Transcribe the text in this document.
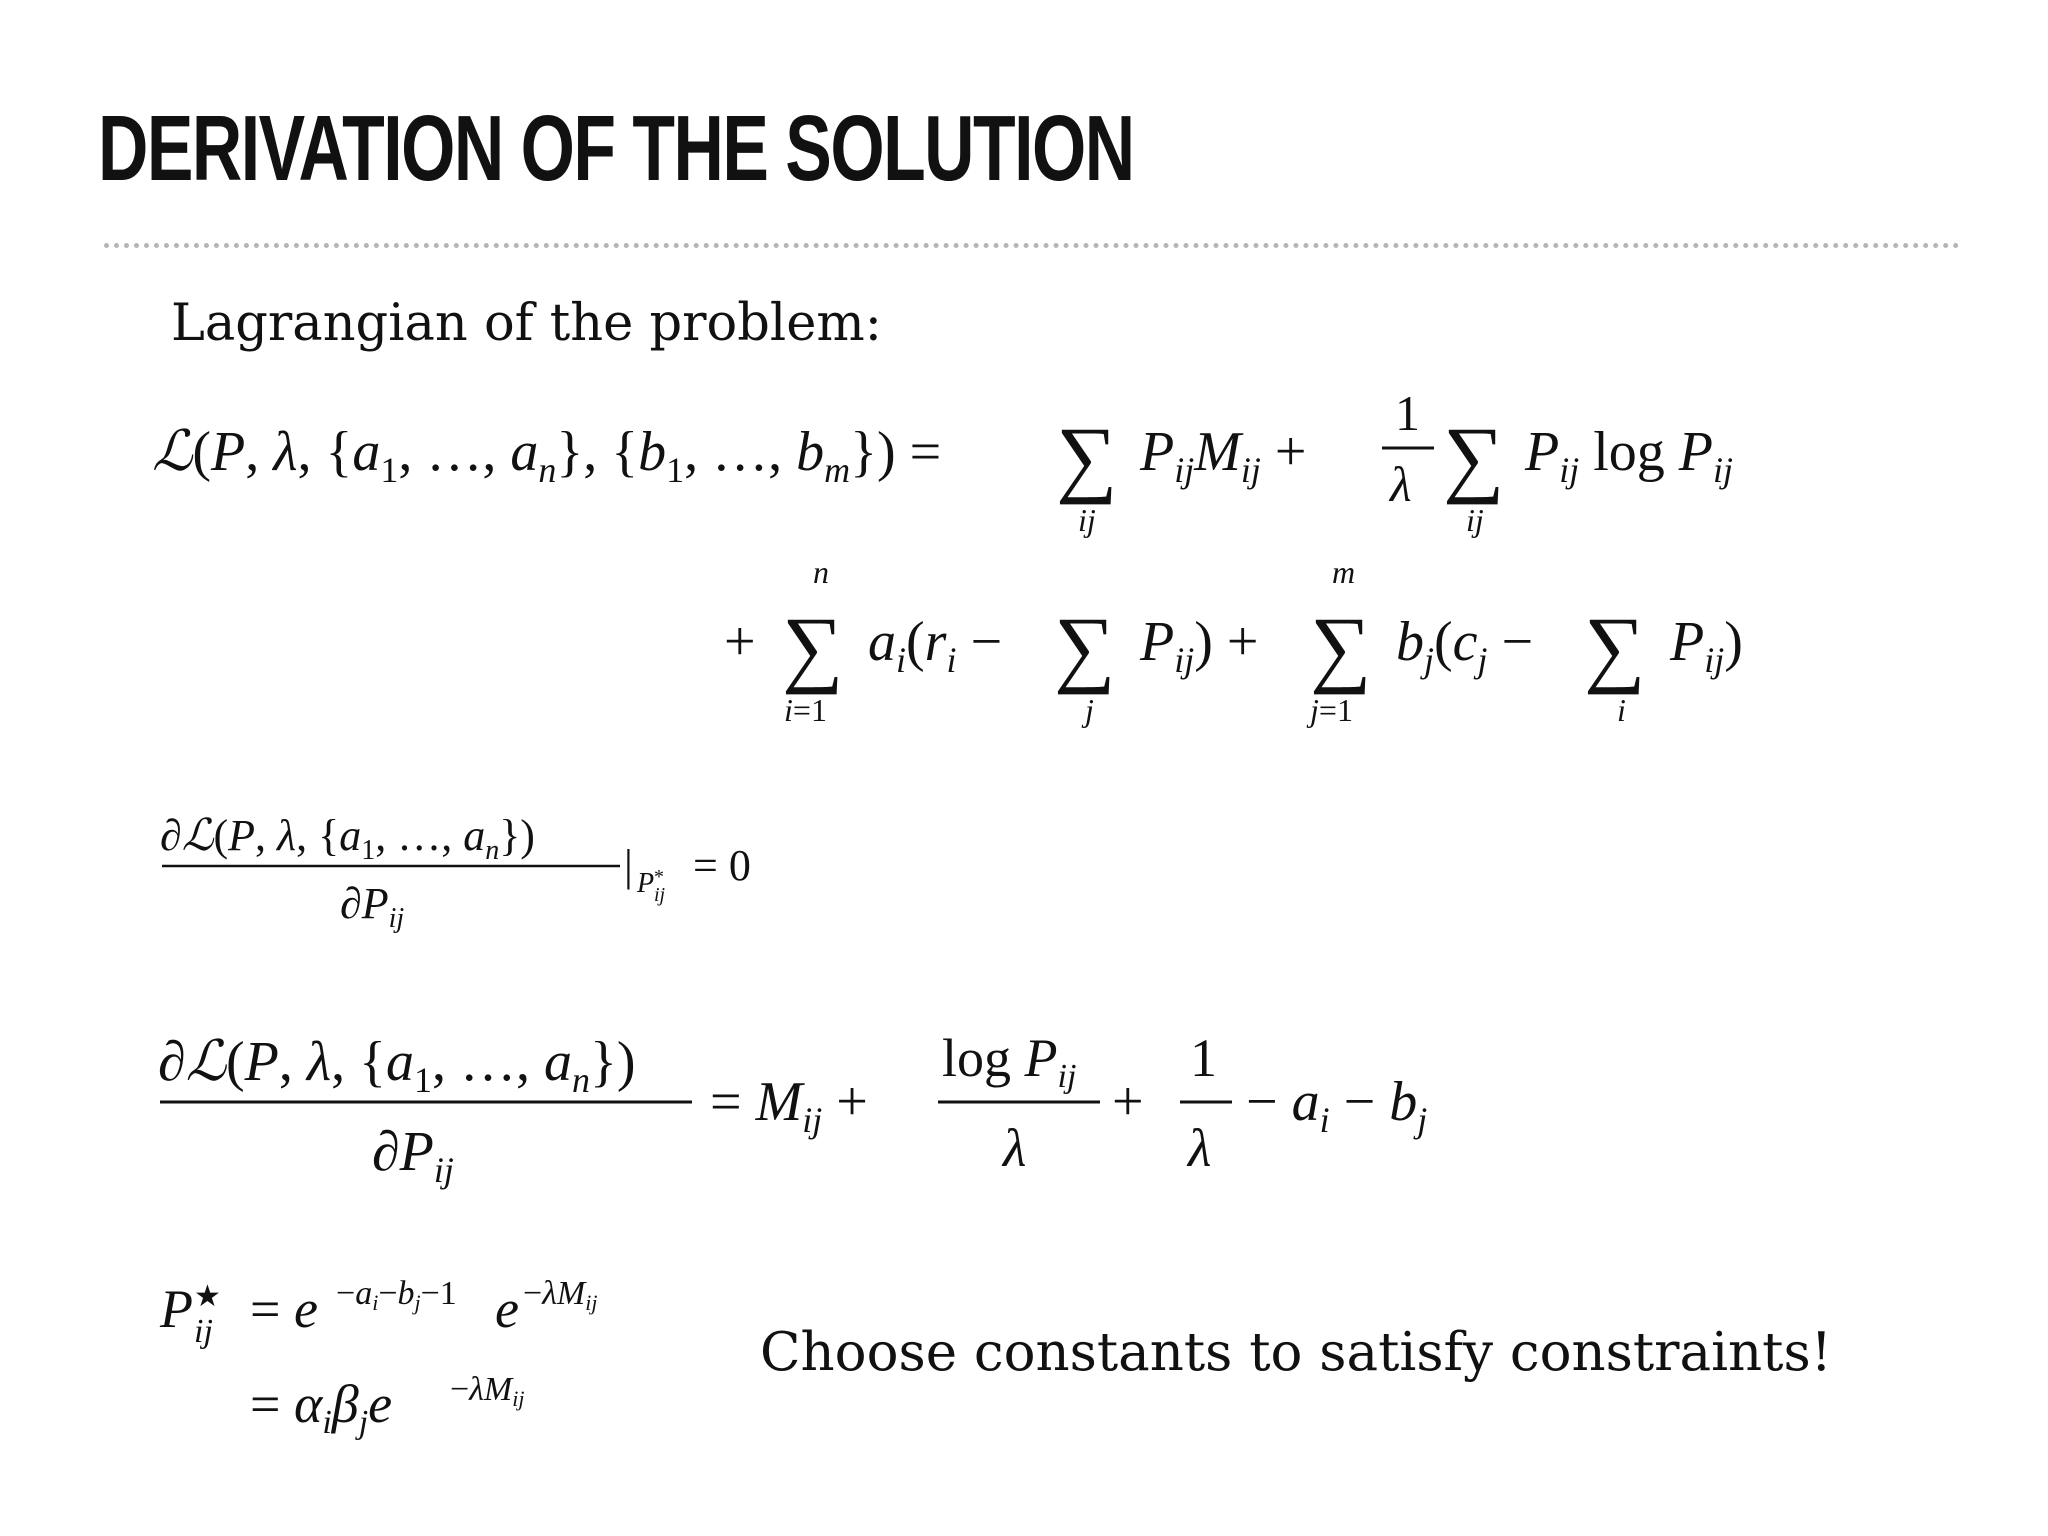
DERIVATION OF THE SOLUTION
Lagrangian of the problem:
ℒ(P, λ, {$a_1$, …, $a_n$}, {$b_1$, …, $b_m$}) = ∑
ij
$P_{ij}M_{ij}$ +
1
λ ∑
ij
$P_{ij}$ $\log P_{ij}$
+
n
∑
i=1
$a_i(r_i$ − ∑
j
$P_{ij}$) +
m
∑
j=1
$b_j(c_j$ − ∑
i
$P_{ij}$)
∂ℒ(P, λ, {$a_1$, …, $a_n$})
$\partial P_{ij}$
| P *
ij
= 0
∂ℒ(P, λ, {$a_1$, …, $a_n$})
$\partial P_{ij}$
= $M_{ij}$ +
$\log P_{ij}$
λ
+
1
λ
− $a_i - b_j$
P ★
ij = e −ai−bj−1 e −λMij
= $\alpha_i\beta_je -\lambda Mij$
Choose constants to satisfy constraints!
